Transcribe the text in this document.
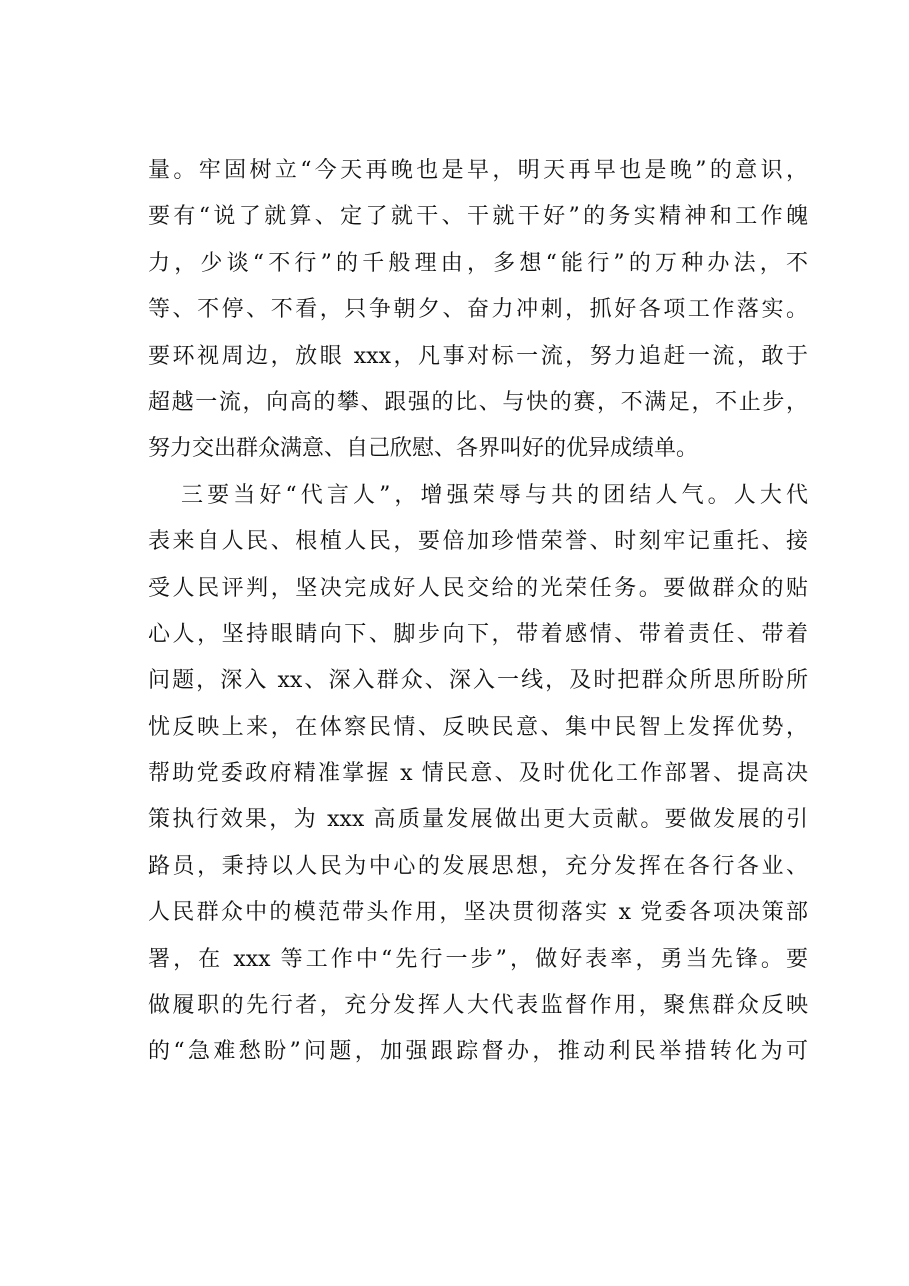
量。牢固树立“今天再晚也是早，明天再早也是晚”的意识，
要有“说了就算、定了就干、干就干好”的务实精神和工作魄
力，少谈“不行”的千般理由，多想“能行”的万种办法，不
等、不停、不看，只争朝夕、奋力冲刺，抓好各项工作落实。
要环视周边，放眼 xxx，凡事对标一流，努力追赶一流，敢于
超越一流，向高的攀、跟强的比、与快的赛，不满足，不止步，
努力交出群众满意、自己欣慰、各界叫好的优异成绩单。
三要当好“代言人”，增强荣辱与共的团结人气。人大代
表来自人民、根植人民，要倍加珍惜荣誉、时刻牢记重托、接
受人民评判，坚决完成好人民交给的光荣任务。要做群众的贴
心人，坚持眼睛向下、脚步向下，带着感情、带着责任、带着
问题，深入 xx、深入群众、深入一线，及时把群众所思所盼所
忧反映上来，在体察民情、反映民意、集中民智上发挥优势，
帮助党委政府精准掌握 x 情民意、及时优化工作部署、提高决
策执行效果，为 xxx 高质量发展做出更大贡献。要做发展的引
路员，秉持以人民为中心的发展思想，充分发挥在各行各业、
人民群众中的模范带头作用，坚决贯彻落实 x 党委各项决策部
署，在 xxx 等工作中“先行一步”，做好表率，勇当先锋。要
做履职的先行者，充分发挥人大代表监督作用，聚焦群众反映
的“急难愁盼”问题，加强跟踪督办，推动利民举措转化为可
